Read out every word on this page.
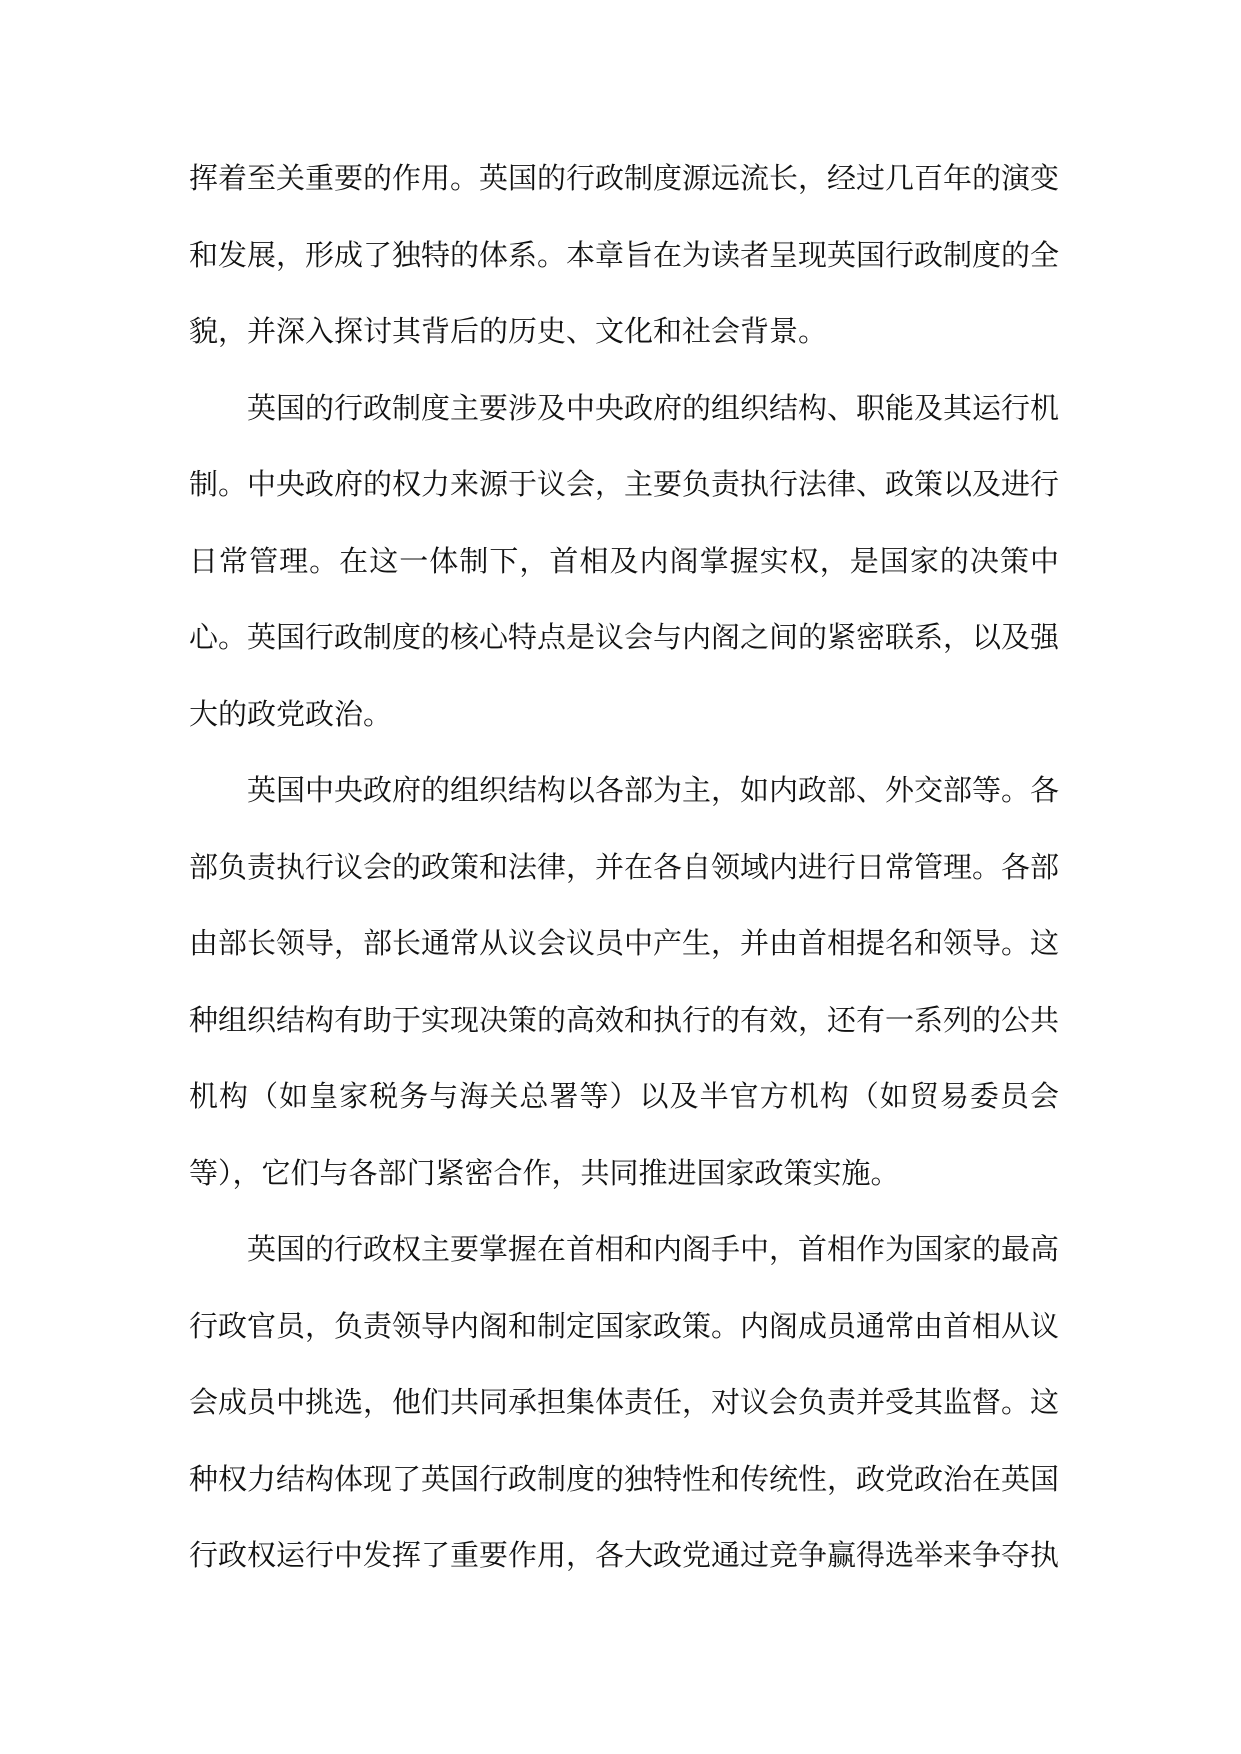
挥着至关重要的作用。英国的行政制度源远流长，经过几百年的演变和发展，形成了独特的体系。本章旨在为读者呈现英国行政制度的全貌，并深入探讨其背后的历史、文化和社会背景。

英国的行政制度主要涉及中央政府的组织结构、职能及其运行机制。中央政府的权力来源于议会，主要负责执行法律、政策以及进行日常管理。在这一体制下，首相及内阁掌握实权，是国家的决策中心。英国行政制度的核心特点是议会与内阁之间的紧密联系，以及强大的政党政治。

英国中央政府的组织结构以各部为主，如内政部、外交部等。各部负责执行议会的政策和法律，并在各自领域内进行日常管理。各部由部长领导，部长通常从议会议员中产生，并由首相提名和领导。这种组织结构有助于实现决策的高效和执行的有效，还有一系列的公共机构（如皇家税务与海关总署等）以及半官方机构（如贸易委员会等），它们与各部门紧密合作，共同推进国家政策实施。

英国的行政权主要掌握在首相和内阁手中，首相作为国家的最高行政官员，负责领导内阁和制定国家政策。内阁成员通常由首相从议会成员中挑选，他们共同承担集体责任，对议会负责并受其监督。这种权力结构体现了英国行政制度的独特性和传统性，政党政治在英国行政权运行中发挥了重要作用，各大政党通过竞争赢得选举来争夺执
